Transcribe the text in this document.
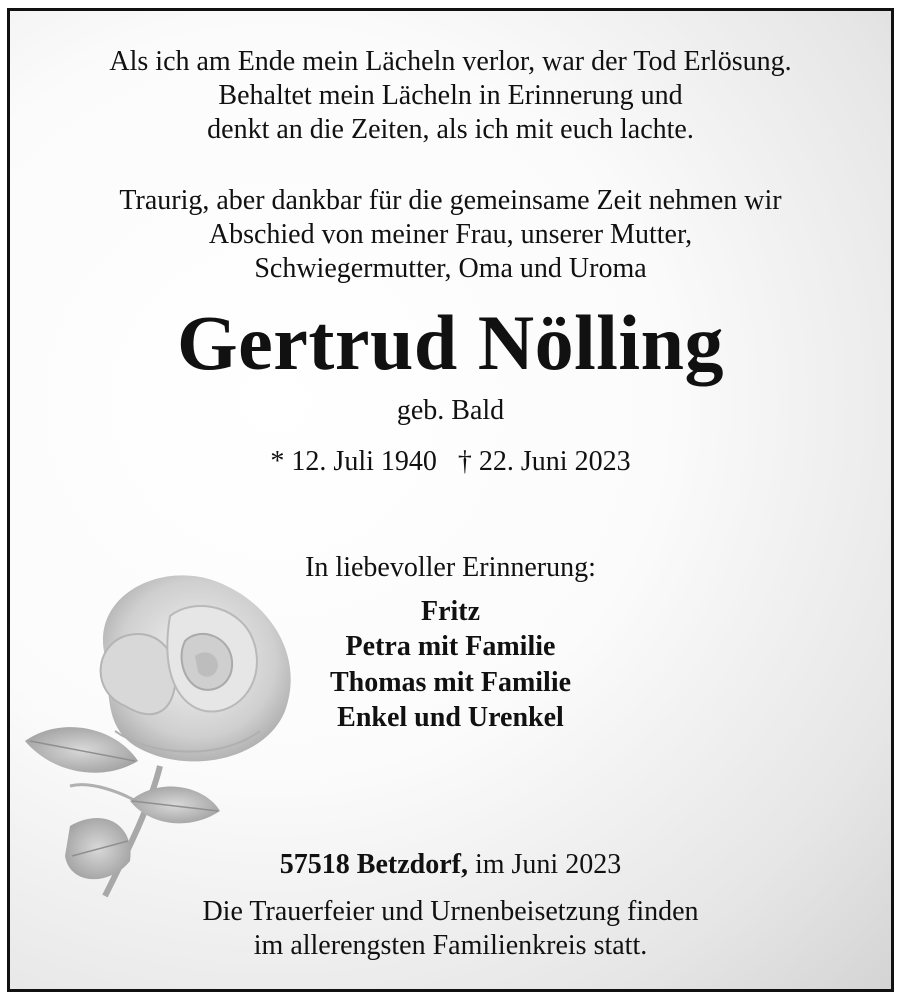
Als ich am Ende mein Lächeln verlor, war der Tod Erlösung.
Behaltet mein Lächeln in Erinnerung und
denkt an die Zeiten, als ich mit euch lachte.
Traurig, aber dankbar für die gemeinsame Zeit nehmen wir
Abschied von meiner Frau, unserer Mutter,
Schwiegermutter, Oma und Uroma
Gertrud Nölling
geb. Bald
* 12. Juli 1940 † 22. Juni 2023
In liebevoller Erinnerung:
Fritz
Petra mit Familie
Thomas mit Familie
Enkel und Urenkel
57518 Betzdorf, im Juni 2023
Die Trauerfeier und Urnenbeisetzung finden
im allerengsten Familienkreis statt.
